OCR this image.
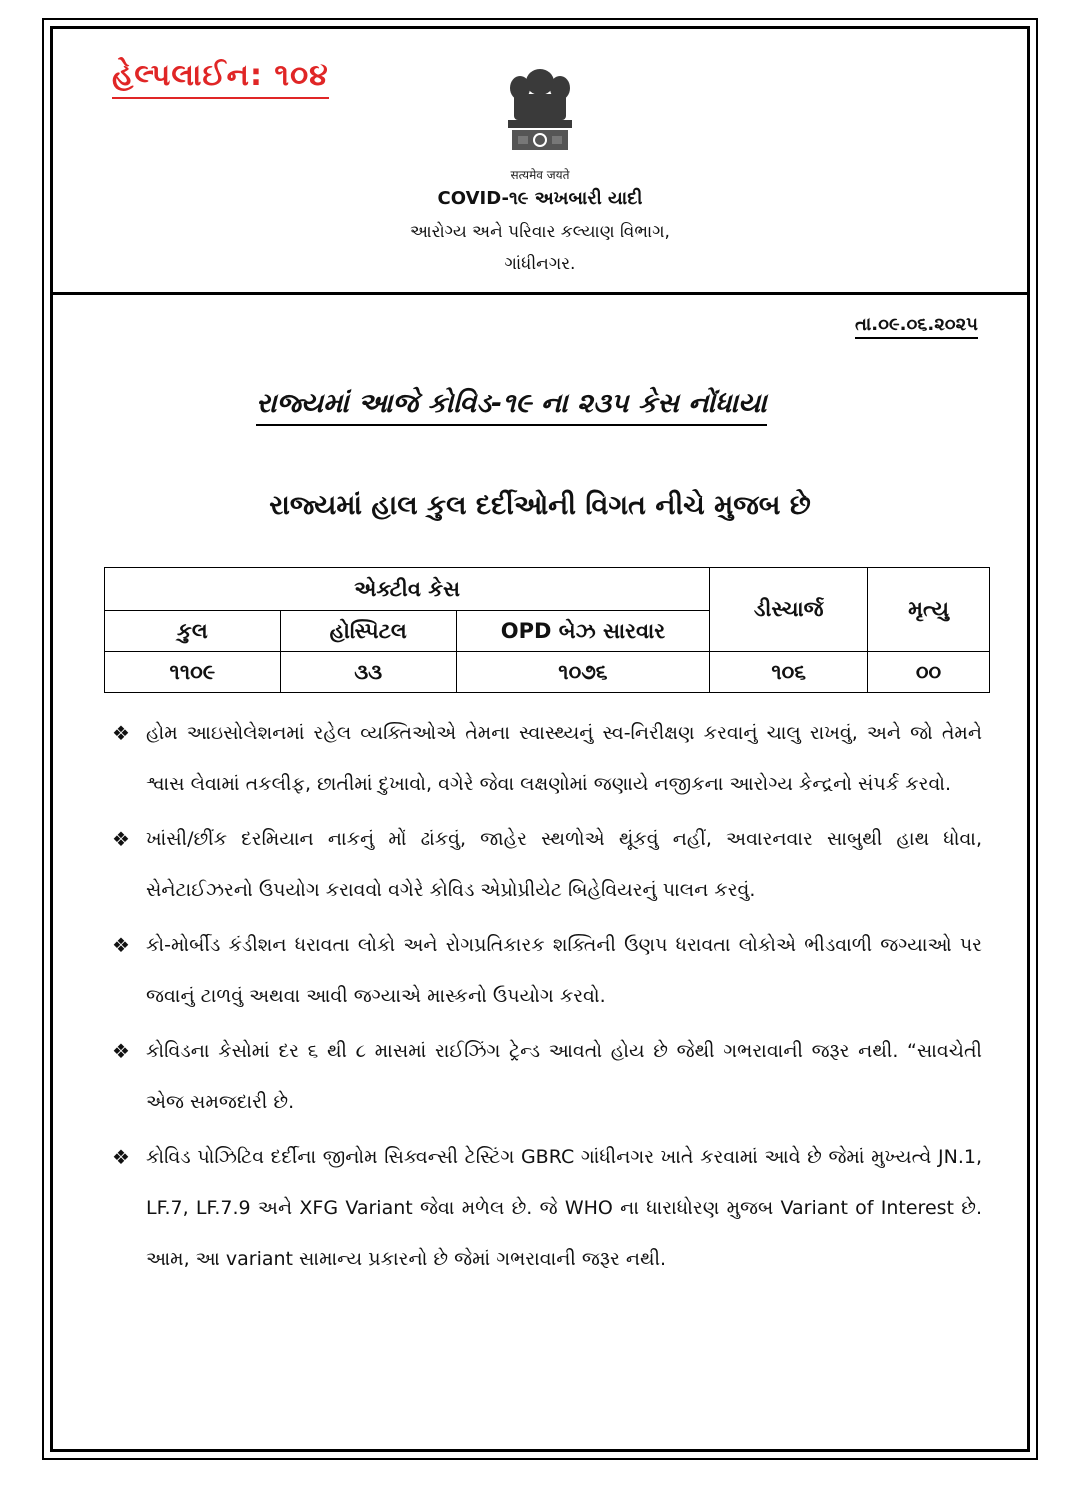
હેલ્પલાઈન: ૧૦૪
सत्यमेव जयते
COVID-૧૯ અખબારી યાદી
આરોગ્ય અને પરિવાર કલ્યાણ વિભાગ,
ગાંધીનગર.
તા.૦૯.૦૬.૨૦૨૫
રાજ્યમાં આજે કોવિડ-૧૯ ના ૨૩૫ કેસ નોંધાયા
રાજ્યમાં હાલ કુલ દર્દીઓની વિગત નીચે મુજબ છે
એક્ટીવ કેસ			ડીસ્ચાર્જ	મૃત્યુ
કુલ	હોસ્પિટલ	OPD બેઝ સારવાર		
૧૧૦૯	૩૩	૧૦૭૬	૧૦૬	૦૦
❖ હોમ આઇસોલેશનમાં રહેલ વ્યક્તિઓએ તેમના સ્વાસ્થ્યનું સ્વ-નિરીક્ષણ કરવાનું ચાલુ રાખવું, અને જો તેમને શ્વાસ લેવામાં તકલીફ, છાતીમાં દુખાવો, વગેરે જેવા લક્ષણોમાં જણાયે નજીકના આરોગ્ય કેન્દ્રનો સંપર્ક કરવો.
❖ ખાંસી/છીંક દરમિયાન નાકનું મોં ઢાંકવું, જાહેર સ્થળોએ થૂંકવું નહીં, અવારનવાર સાબુથી હાથ ધોવા, સેનેટાઈઝરનો ઉપયોગ કરાવવો વગેરે કોવિડ એપ્રોપ્રીયેટ બિહેવિયરનું પાલન કરવું.
❖ કો-મોર્બીડ કંડીશન ધરાવતા લોકો અને રોગપ્રતિકારક શક્તિની ઉણપ ધરાવતા લોકોએ ભીડવાળી જગ્યાઓ પર જવાનું ટાળવું અથવા આવી જગ્યાએ માસ્કનો ઉપયોગ કરવો.
❖ કોવિડના કેસોમાં દર ૬ થી ૮ માસમાં રાઈઝિંગ ટ્રેન્ડ આવતો હોય છે જેથી ગભરાવાની જરૂર નથી. “સાવચેતી એજ સમજદારી છે.
❖ કોવિડ પોઝિટિવ દર્દીના જીનોમ સિક્વન્સી ટેસ્ટિંગ GBRC ગાંધીનગર ખાતે કરવામાં આવે છે જેમાં મુખ્યત્વે JN.1, LF.7, LF.7.9 અને XFG Variant જેવા મળેલ છે. જે WHO ના ધારાધોરણ મુજબ Variant of Interest છે. આમ, આ variant સામાન્ય પ્રકારનો છે જેમાં ગભરાવાની જરૂર નથી.
